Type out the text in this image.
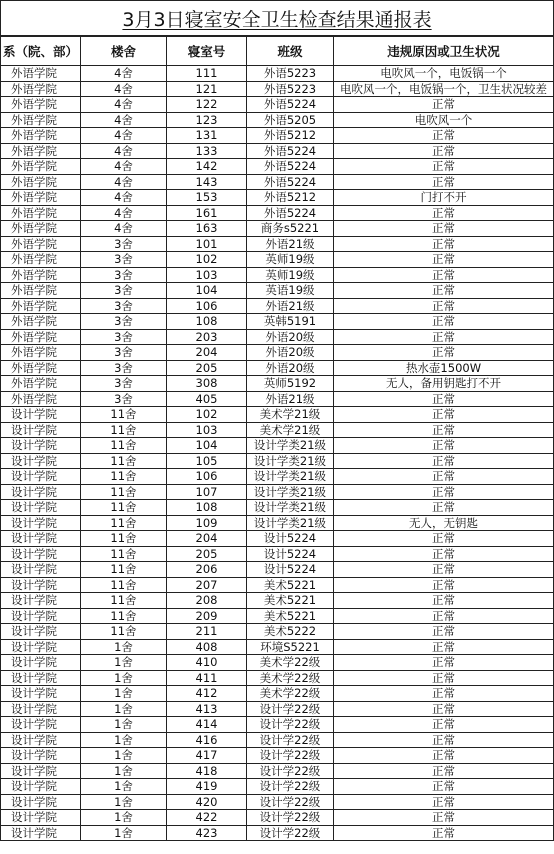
3月3日寝室安全卫生检查结果通报表				
系（院、部）	楼舍	寝室号	班级	违规原因或卫生状况
外语学院	4舍	111	外语5223	电吹风一个，电饭锅一个
外语学院	4舍	121	外语5223	电吹风一个，电饭锅一个，卫生状况较差
外语学院	4舍	122	外语5224	正常
外语学院	4舍	123	外语5205	电吹风一个
外语学院	4舍	131	外语5212	正常
外语学院	4舍	133	外语5224	正常
外语学院	4舍	142	外语5224	正常
外语学院	4舍	143	外语5224	正常
外语学院	4舍	153	外语5212	门打不开
外语学院	4舍	161	外语5224	正常
外语学院	4舍	163	商务s5221	正常
外语学院	3舍	101	外语21级	正常
外语学院	3舍	102	英师19级	正常
外语学院	3舍	103	英师19级	正常
外语学院	3舍	104	英语19级	正常
外语学院	3舍	106	外语21级	正常
外语学院	3舍	108	英韩5191	正常
外语学院	3舍	203	外语20级	正常
外语学院	3舍	204	外语20级	正常
外语学院	3舍	205	外语20级	热水壶1500W
外语学院	3舍	308	英师5192	无人，备用钥匙打不开
外语学院	3舍	405	外语21级	正常
设计学院	11舍	102	美术学21级	正常
设计学院	11舍	103	美术学21级	正常
设计学院	11舍	104	设计学类21级	正常
设计学院	11舍	105	设计学类21级	正常
设计学院	11舍	106	设计学类21级	正常
设计学院	11舍	107	设计学类21级	正常
设计学院	11舍	108	设计学类21级	正常
设计学院	11舍	109	设计学类21级	无人，无钥匙
设计学院	11舍	204	设计5224	正常
设计学院	11舍	205	设计5224	正常
设计学院	11舍	206	设计5224	正常
设计学院	11舍	207	美术5221	正常
设计学院	11舍	208	美术5221	正常
设计学院	11舍	209	美术5221	正常
设计学院	11舍	211	美术5222	正常
设计学院	1舍	408	环境S5221	正常
设计学院	1舍	410	美术学22级	正常
设计学院	1舍	411	美术学22级	正常
设计学院	1舍	412	美术学22级	正常
设计学院	1舍	413	设计学22级	正常
设计学院	1舍	414	设计学22级	正常
设计学院	1舍	416	设计学22级	正常
设计学院	1舍	417	设计学22级	正常
设计学院	1舍	418	设计学22级	正常
设计学院	1舍	419	设计学22级	正常
设计学院	1舍	420	设计学22级	正常
设计学院	1舍	422	设计学22级	正常
设计学院	1舍	423	设计学22级	正常
